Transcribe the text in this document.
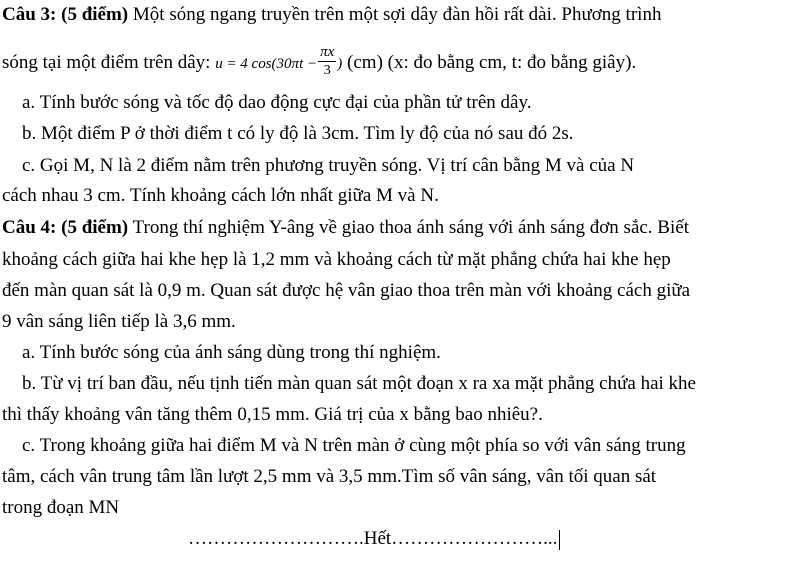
Câu 3: (5 điểm) Một sóng ngang truyền trên một sợi dây đàn hồi rất dài. Phương trình
sóng tại một điểm trên dây: u = 4 $\cos(30\pi t - \frac{\pi x}{3}$ ) (cm) (x: đo bằng cm, t: đo bằng giây).
a. Tính bước sóng và tốc độ dao động cực đại của phần tử trên dây.
b. Một điểm P ở thời điểm t có ly độ là 3cm. Tìm ly độ của nó sau đó 2s.
c. Gọi M, N là 2 điểm nằm trên phương truyền sóng. Vị trí cân bằng M và của N
cách nhau 3 cm. Tính khoảng cách lớn nhất giữa M và N.
Câu 4: (5 điểm) Trong thí nghiệm Y-âng về giao thoa ánh sáng với ánh sáng đơn sắc. Biết
khoảng cách giữa hai khe hẹp là 1,2 mm và khoảng cách từ mặt phẳng chứa hai khe hẹp
đến màn quan sát là 0,9 m. Quan sát được hệ vân giao thoa trên màn với khoảng cách giữa
9 vân sáng liên tiếp là 3,6 mm.
a. Tính bước sóng của ánh sáng dùng trong thí nghiệm.
b. Từ vị trí ban đầu, nếu tịnh tiến màn quan sát một đoạn x ra xa mặt phẳng chứa hai khe
thì thấy khoảng vân tăng thêm 0,15 mm. Giá trị của x bằng bao nhiêu?.
c. Trong khoảng giữa hai điểm M và N trên màn ở cùng một phía so với vân sáng trung
tâm, cách vân trung tâm lần lượt 2,5 mm và 3,5 mm.Tìm số vân sáng, vân tối quan sát
trong đoạn MN
……………………….Hết……………………...
